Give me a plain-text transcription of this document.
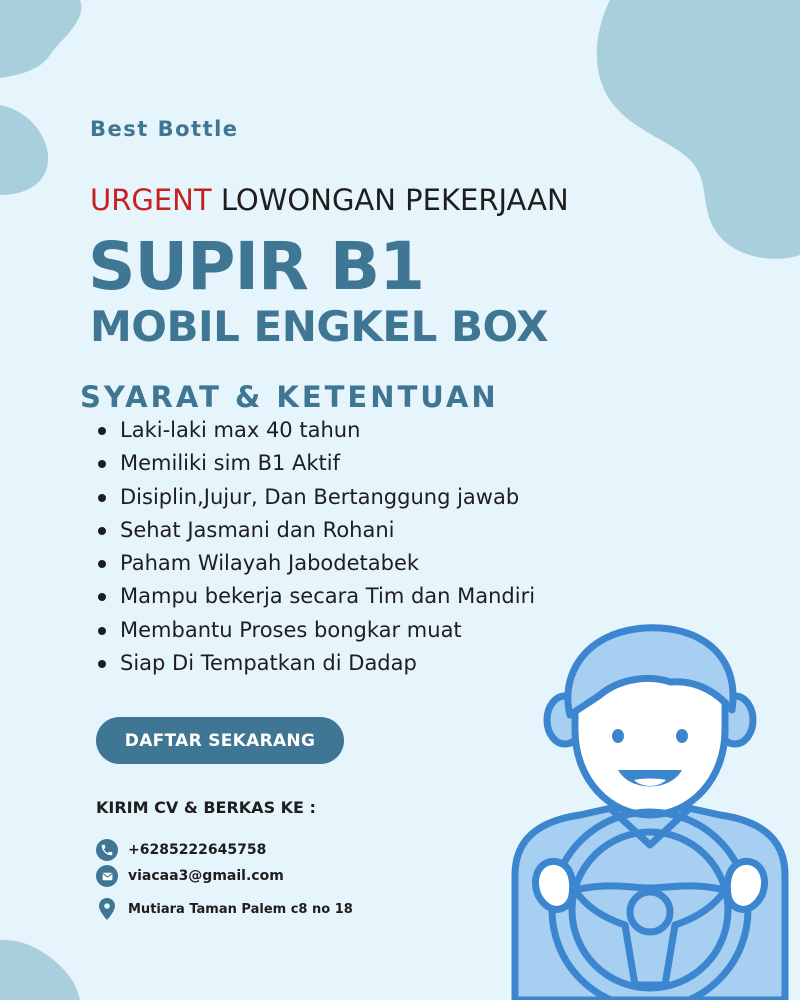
Best Bottle
URGENT LOWONGAN PEKERJAAN
SUPIR B1
MOBIL ENGKEL BOX
SYARAT & KETENTUAN
Laki-laki max 40 tahun
Memiliki sim B1 Aktif
Disiplin,Jujur, Dan Bertanggung jawab
Sehat Jasmani dan Rohani
Paham Wilayah Jabodetabek
Mampu bekerja secara Tim dan Mandiri
Membantu Proses bongkar muat
Siap Di Tempatkan di Dadap
DAFTAR SEKARANG
KIRIM CV & BERKAS KE :
+6285222645758
viacaa3@gmail.com
Mutiara Taman Palem c8 no 18
